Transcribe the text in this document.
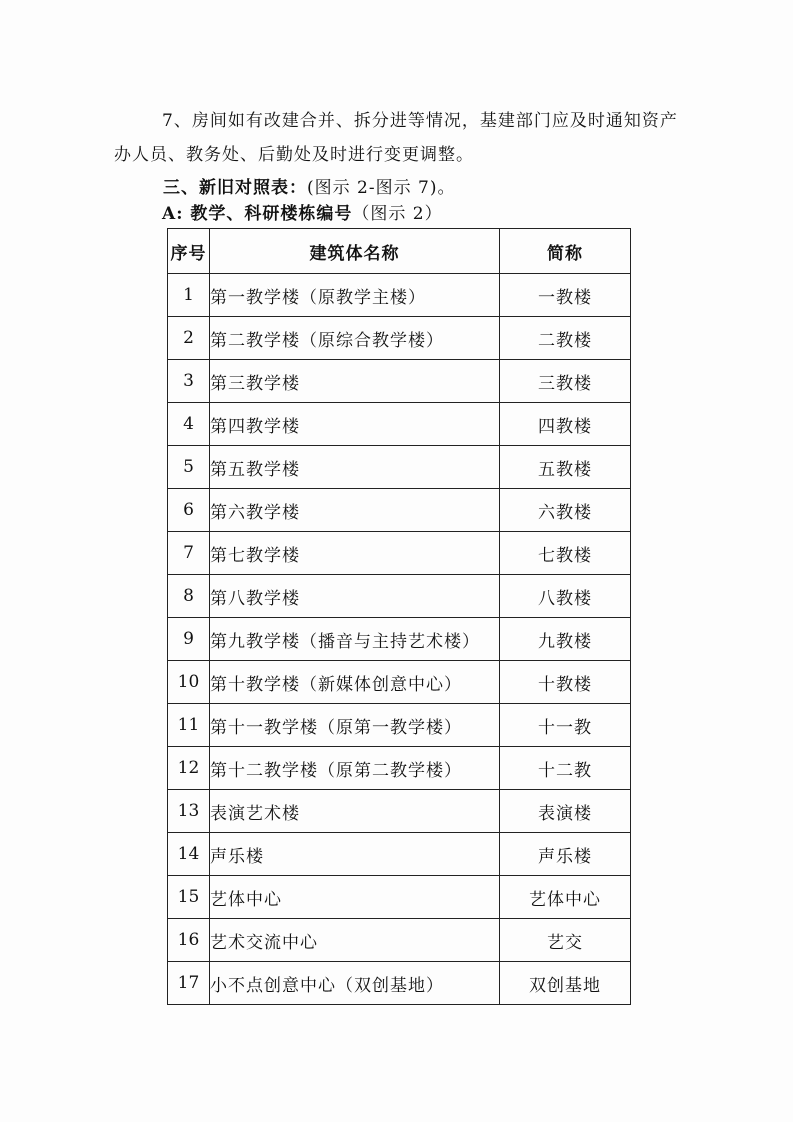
7、房间如有改建合并、拆分进等情况，基建部门应及时通知资产
办人员、教务处、后勤处及时进行变更调整。
三、新旧对照表：(图示 2-图示 7)。
A: 教学、科研楼栋编号（图示 2）
序号	建筑体名称	简称
1	第一教学楼（原教学主楼）	一教楼
2	第二教学楼（原综合教学楼）	二教楼
3	第三教学楼	三教楼
4	第四教学楼	四教楼
5	第五教学楼	五教楼
6	第六教学楼	六教楼
7	第七教学楼	七教楼
8	第八教学楼	八教楼
9	第九教学楼（播音与主持艺术楼）	九教楼
10	第十教学楼（新媒体创意中心）	十教楼
11	第十一教学楼（原第一教学楼）	十一教
12	第十二教学楼（原第二教学楼）	十二教
13	表演艺术楼	表演楼
14	声乐楼	声乐楼
15	艺体中心	艺体中心
16	艺术交流中心	艺交
17	小不点创意中心（双创基地）	双创基地
